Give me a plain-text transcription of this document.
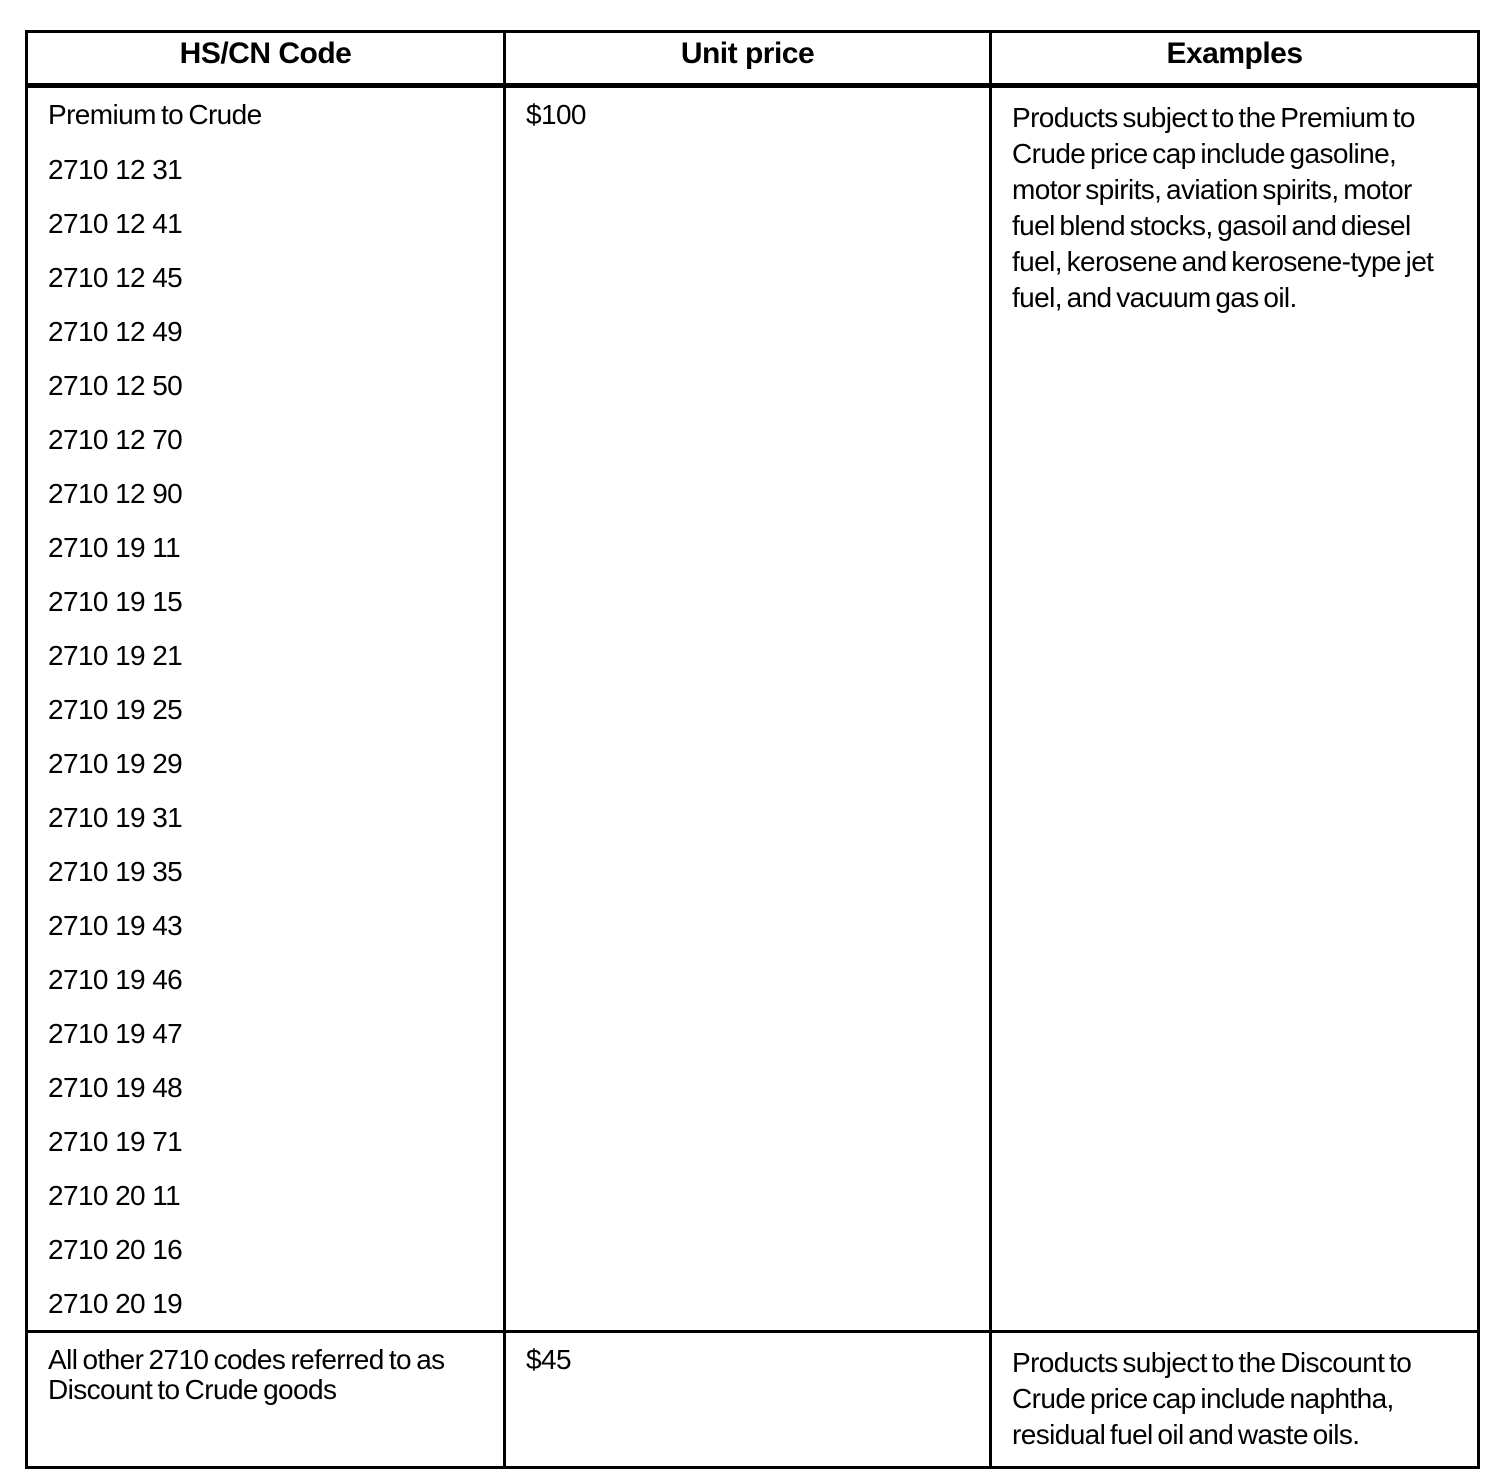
HS/CN Code	Unit price	Examples

Premium to Crude

2710 12 31
2710 12 41
2710 12 45
2710 12 49
2710 12 50
2710 12 70
2710 12 90
2710 19 11
2710 19 15
2710 19 21
2710 19 25
2710 19 29
2710 19 31
2710 19 35
2710 19 43
2710 19 46
2710 19 47
2710 19 48
2710 19 71
2710 20 11
2710 20 16
2710 20 19

$100	Products subject to the Premium to Crude price cap include gasoline, motor spirits, aviation spirits, motor fuel blend stocks, gasoil and diesel fuel, kerosene and kerosene-type jet fuel, and vacuum gas oil.

All other 2710 codes referred to as Discount to Crude goods	$45	Products subject to the Discount to Crude price cap include naphtha, residual fuel oil and waste oils.
